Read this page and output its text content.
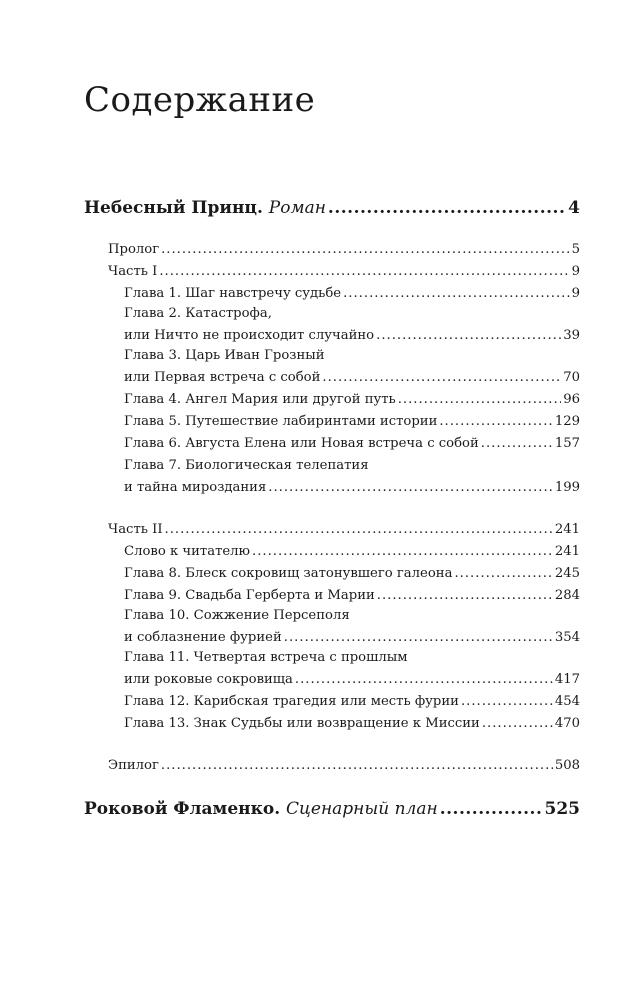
Содержание
Небесный Принц. Роман .....	4
Пролог .....	5
Часть I .....	9
Глава 1. Шаг навстречу судьбе .....	9
Глава 2. Катастрофа,
или Ничто не происходит случайно .....	39
Глава 3. Царь Иван Грозный
или Первая встреча с собой .....	70
Глава 4. Ангел Мария или другой путь .....	96
Глава 5. Путешествие лабиринтами истории .....	129
Глава 6. Августа Елена или Новая встреча с собой .....	157
Глава 7. Биологическая телепатия
и тайна мироздания .....	199
Часть II .....	241
Слово к читателю .....	241
Глава 8. Блеск сокровищ затонувшего галеона .....	245
Глава 9. Свадьба Герберта и Марии .....	284
Глава 10. Сожжение Персеполя
и соблазнение фурией .....	354
Глава 11. Четвертая встреча с прошлым
или роковые сокровища .....	417
Глава 12. Карибская трагедия или месть фурии .....	454
Глава 13. Знак Судьбы или возвращение к Миссии .....	470
Эпилог .....	508
Роковой Фламенко. Сценарный план .....	525
